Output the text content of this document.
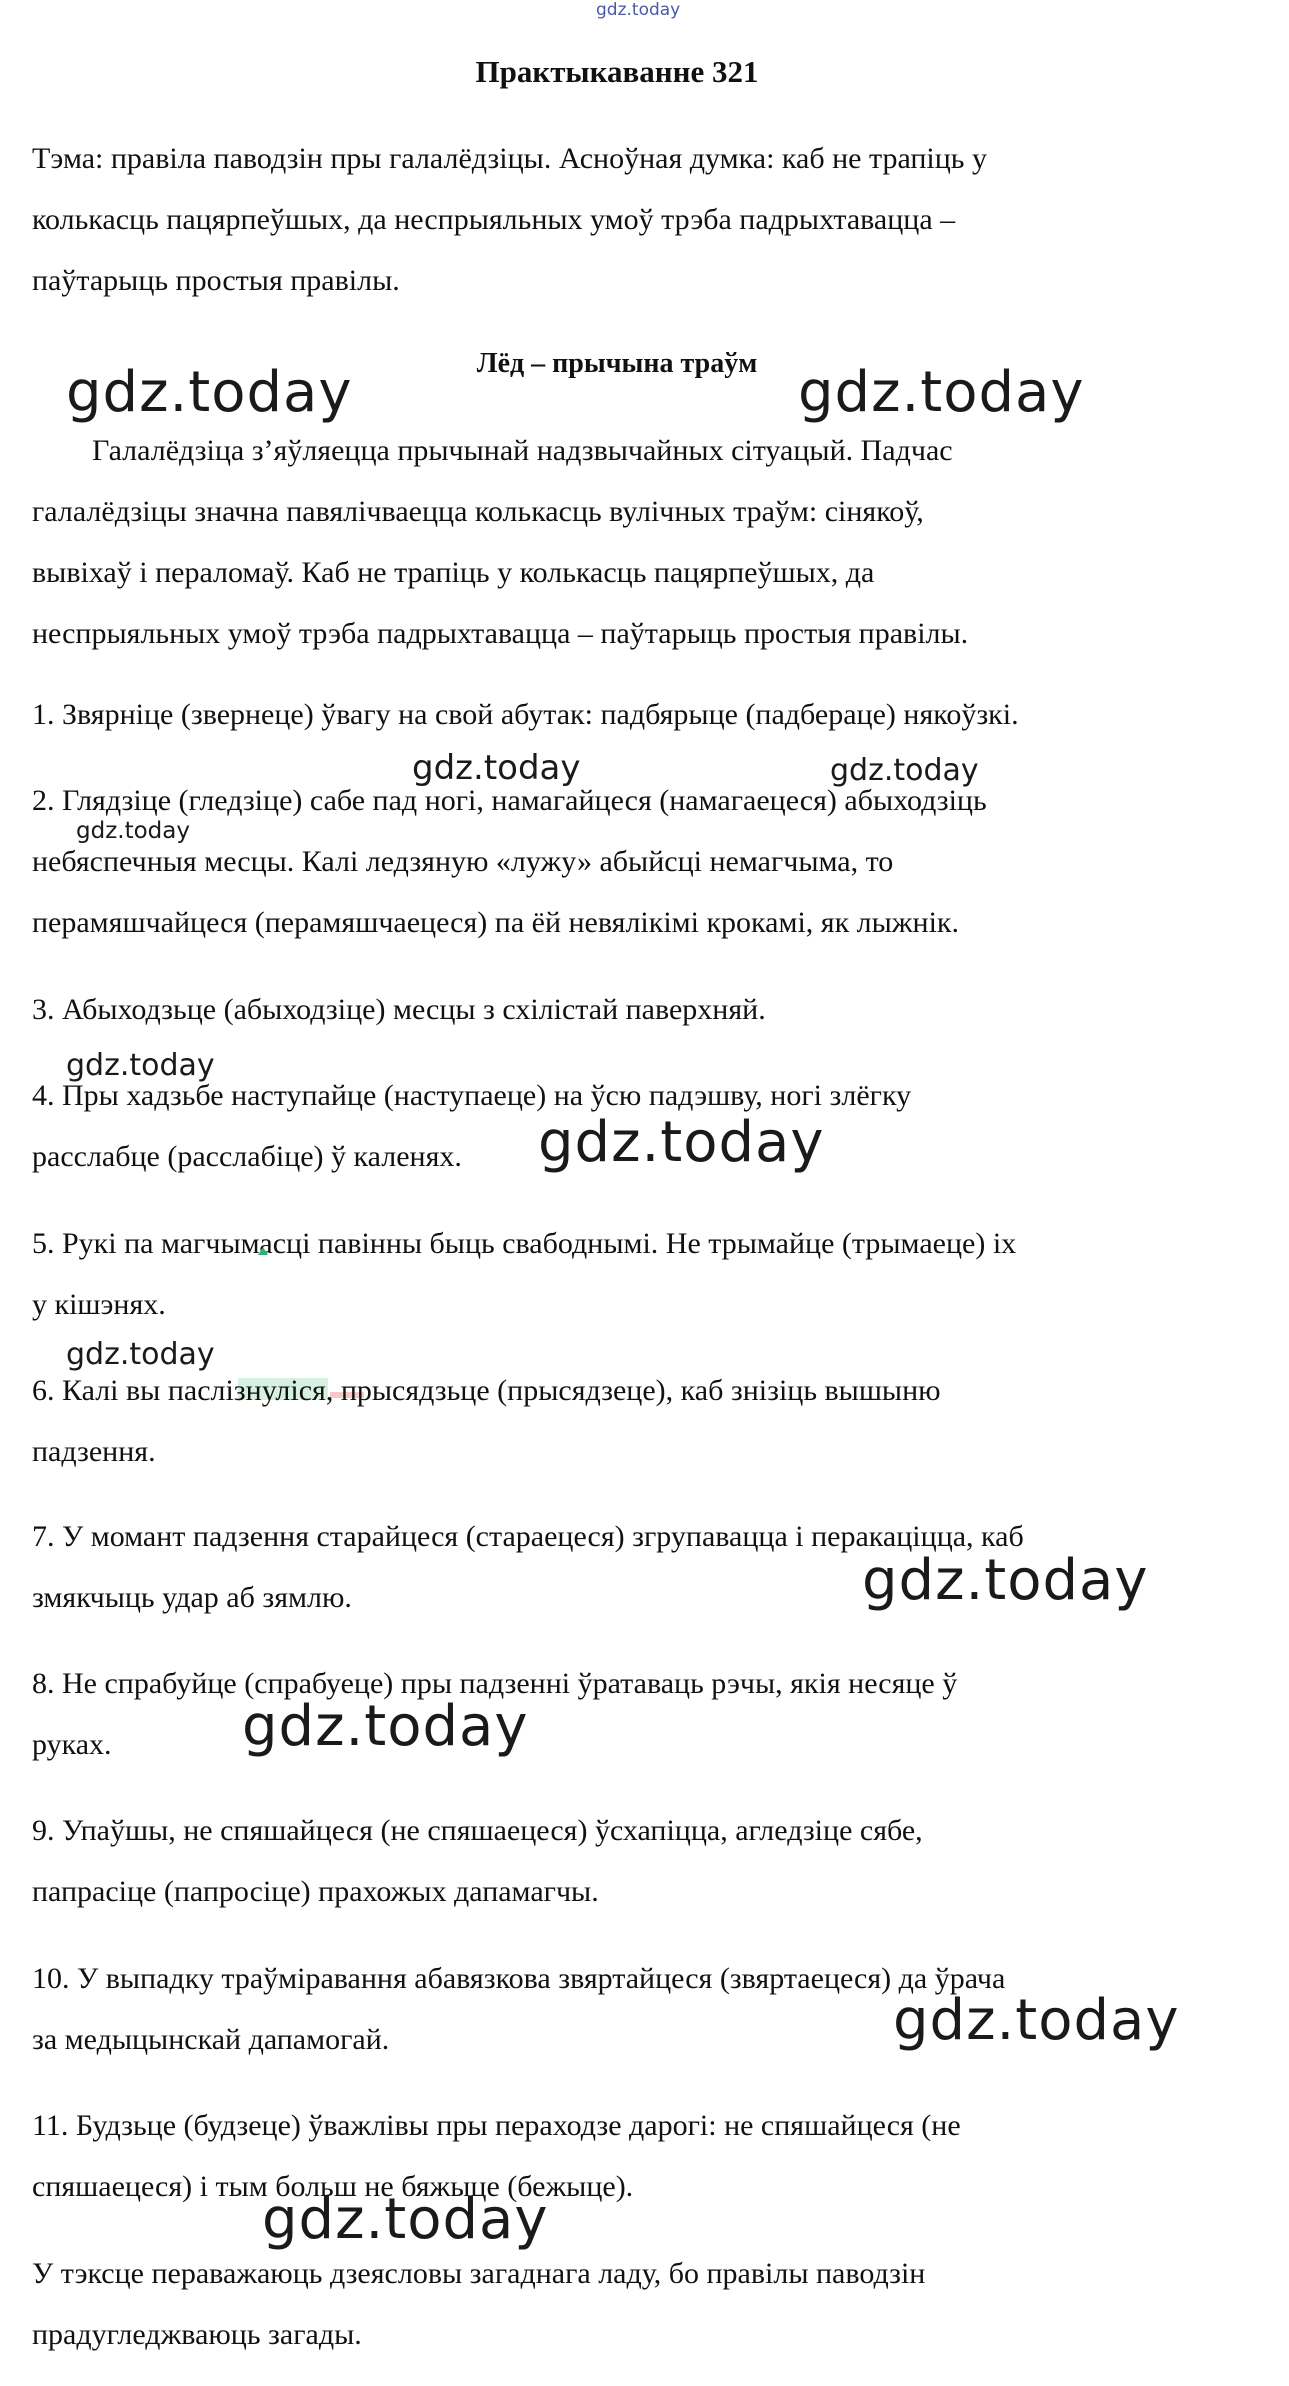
gdz.today
Практыкаванне 321
Тэма: правіла паводзін пры галалёдзіцы. Асноўная думка: каб не трапіць у
колькасць пацярпеўшых, да неспрыяльных умоў трэба падрыхтавацца –
паўтарыць простыя правілы.
Лёд – прычына траўм
Галалёдзіца з’яўляецца прычынай надзвычайных сітуацый. Падчас
галалёдзіцы значна павялічваецца колькасць вулічных траўм: сінякоў,
вывіхаў і пераломаў. Каб не трапіць у колькасць пацярпеўшых, да
неспрыяльных умоў трэба падрыхтавацца – паўтарыць простыя правілы.
1. Звярніце (звернеце) ўвагу на свой абутак: падбярыце (падберацe) някоўзкі.
2. Глядзіце (гледзіце) сабе пад ногі, намагайцеся (намагаецеся) абыходзіць
небяспечныя месцы. Калі ледзяную «лужу» абыйсці немагчыма, то
перамяшчайцеся (перамяшчаецеся) па ёй невялікімі крокамі, як лыжнік.
3. Абыходзьце (абыходзіце) месцы з схілістай паверхняй.
4. Пры хадзьбе наступайце (наступаеце) на ўсю падэшву, ногі злёгку
расслабце (расслабіце) ў каленях.
5. Рукі па магчымасці павінны быць свабоднымі. Не трымайце (трымаеце) іх
у кішэнях.
6. Калі вы паслізнуліся, прысядзьце (прысядзеце), каб знізіць вышыню
падзення.
7. У момант падзення старайцеся (стараецеся) згрупавацца і перакаціцца, каб
змякчыць удар аб зямлю.
8. Не спрабуйце (спрабуеце) пры падзенні ўратаваць рэчы, якія несяце ў
руках.
9. Упаўшы, не спяшайцеся (не спяшаецеся) ўсхапіцца, агледзіце сябе,
папрасіце (папросіце) прахожых дапамагчы.
10. У выпадку траўміравання абавязкова звяртайцеся (звяртаецеся) да ўрача
за медыцынскай дапамогай.
11. Будзьце (будзеце) ўважлівы пры пераходзе дарогі: не спяшайцеся (не
спяшаецеся) і тым больш не бяжыце (бежыце).
У тэксце пераважаюць дзеясловы загаднага ладу, бо правілы паводзін
прадугледжваюць загады.
gdz.today	gdz.today
gdz.today	gdz.today
gdz.today
gdz.today
gdz.today
gdz.today
gdz.today
gdz.today
gdz.today
gdz.today
